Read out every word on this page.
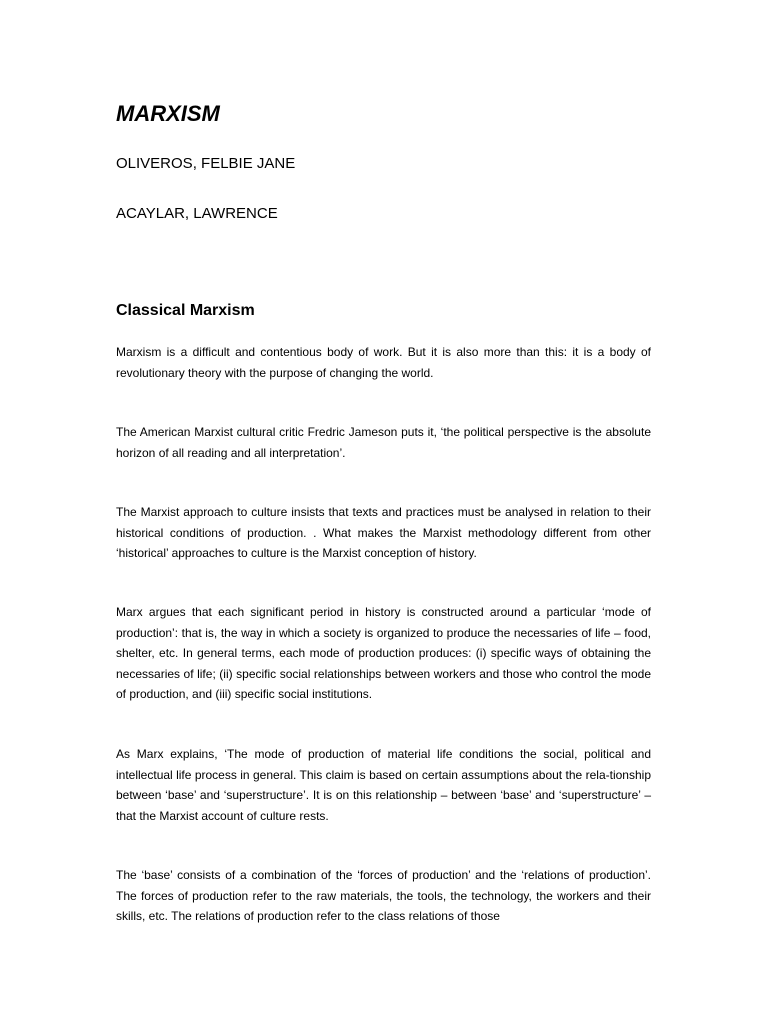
MARXISM

OLIVEROS, FELBIE JANE

ACAYLAR, LAWRENCE

Classical Marxism

Marxism is a difficult and contentious body of work. But it is also more than this: it is a body of revolutionary theory with the purpose of changing the world.

The American Marxist cultural critic Fredric Jameson puts it, ‘the political perspective is the absolute horizon of all reading and all interpretation’.

The Marxist approach to culture insists that texts and practices must be analysed in relation to their historical conditions of production. . What makes the Marxist methodology different from other ‘historical’ approaches to culture is the Marxist conception of history.

Marx argues that each significant period in history is constructed around a particular ‘mode of production’: that is, the way in which a society is organized to produce the necessaries of life – food, shelter, etc. In general terms, each mode of production produces: (i) specific ways of obtaining the necessaries of life; (ii) specific social relationships between workers and those who control the mode of production, and (iii) specific social institutions.

As Marx explains, ‘The mode of production of material life conditions the social, political and intellectual life process in general. This claim is based on certain assumptions about the rela-tionship between ‘base’ and ‘superstructure’. It is on this relationship – between ‘base’ and ‘superstructure’ – that the Marxist account of culture rests.

The ‘base’ consists of a combination of the ‘forces of production’ and the ‘relations of production’. The forces of production refer to the raw materials, the tools, the technology, the workers and their skills, etc. The relations of production refer to the class relations of those
